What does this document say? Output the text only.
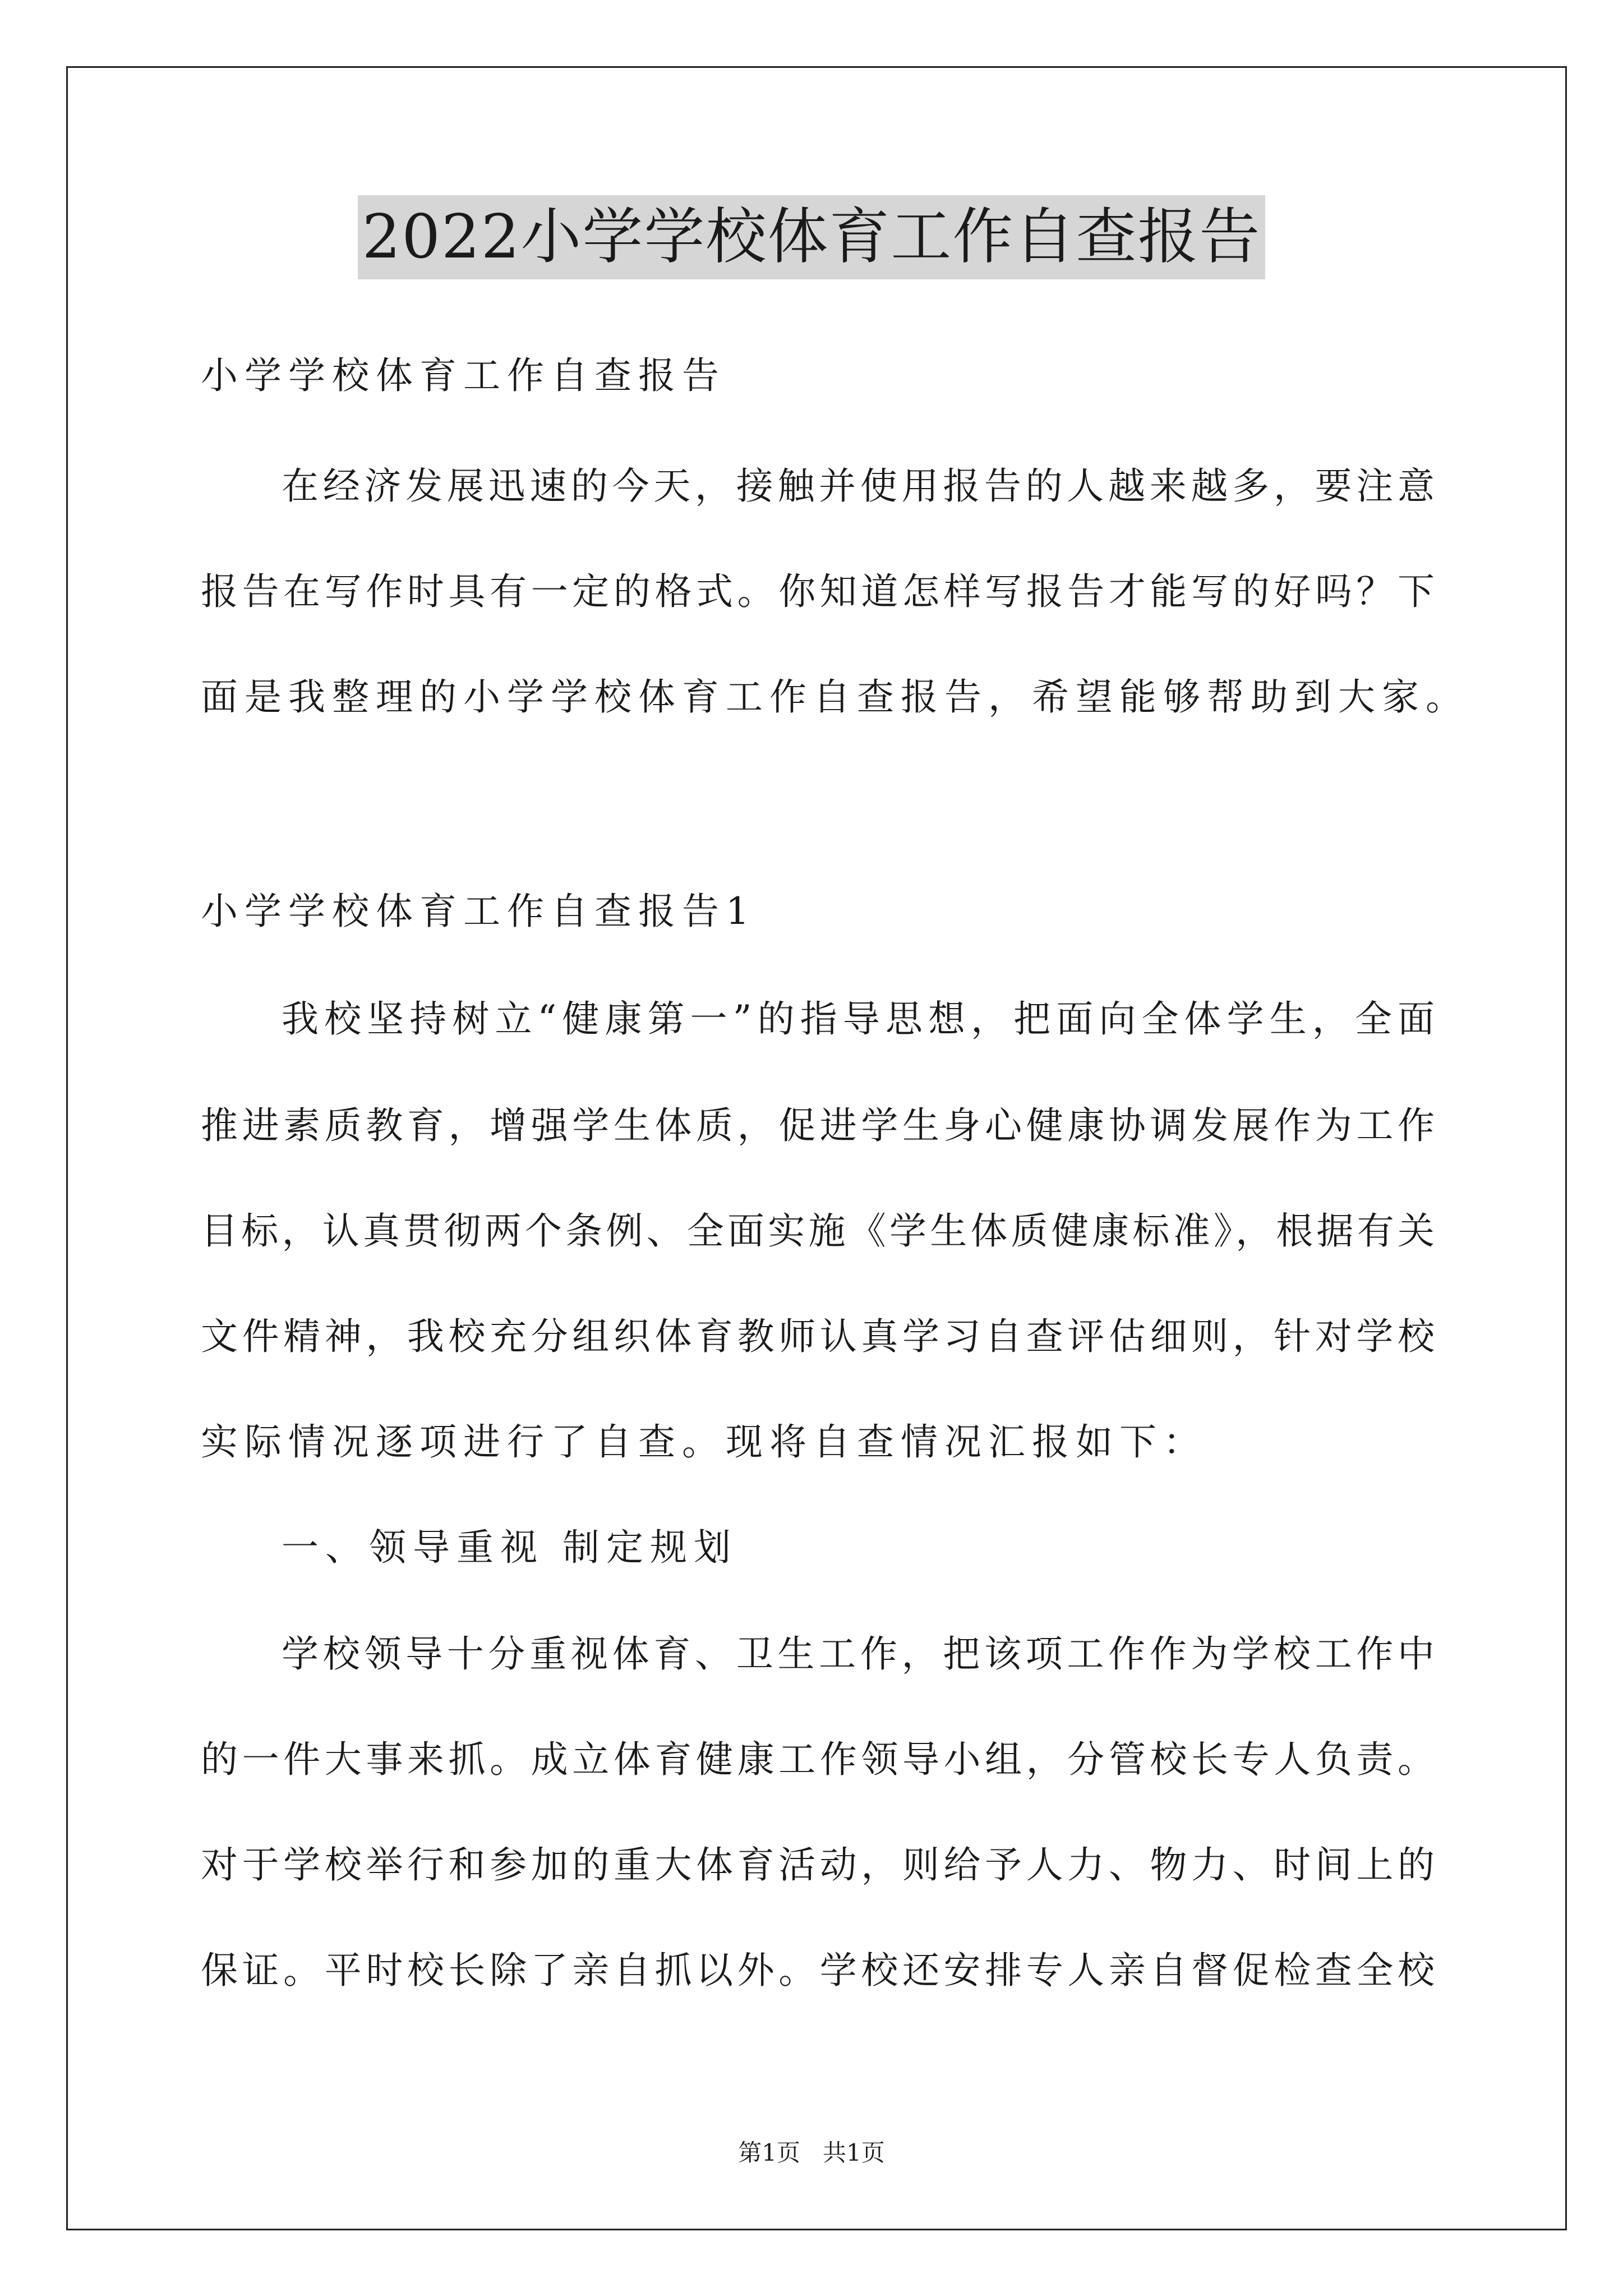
2022小学学校体育工作自查报告

小学学校体育工作自查报告

在经济发展迅速的今天，接触并使用报告的人越来越多，要注意

报告在写作时具有一定的格式。你知道怎样写报告才能写的好吗？下

面是我整理的小学学校体育工作自查报告，希望能够帮助到大家。

小学学校体育工作自查报告1

我校坚持树立“健康第一”的指导思想，把面向全体学生，全面

推进素质教育，增强学生体质，促进学生身心健康协调发展作为工作

目标，认真贯彻两个条例、全面实施《学生体质健康标准》，根据有关

文件精神，我校充分组织体育教师认真学习自查评估细则，针对学校

实际情况逐项进行了自查。现将自查情况汇报如下：

一、领导重视 制定规划

学校领导十分重视体育、卫生工作，把该项工作作为学校工作中

的一件大事来抓。成立体育健康工作领导小组，分管校长专人负责。

对于学校举行和参加的重大体育活动，则给予人力、物力、时间上的

保证。平时校长除了亲自抓以外。学校还安排专人亲自督促检查全校

第1页   共1页
